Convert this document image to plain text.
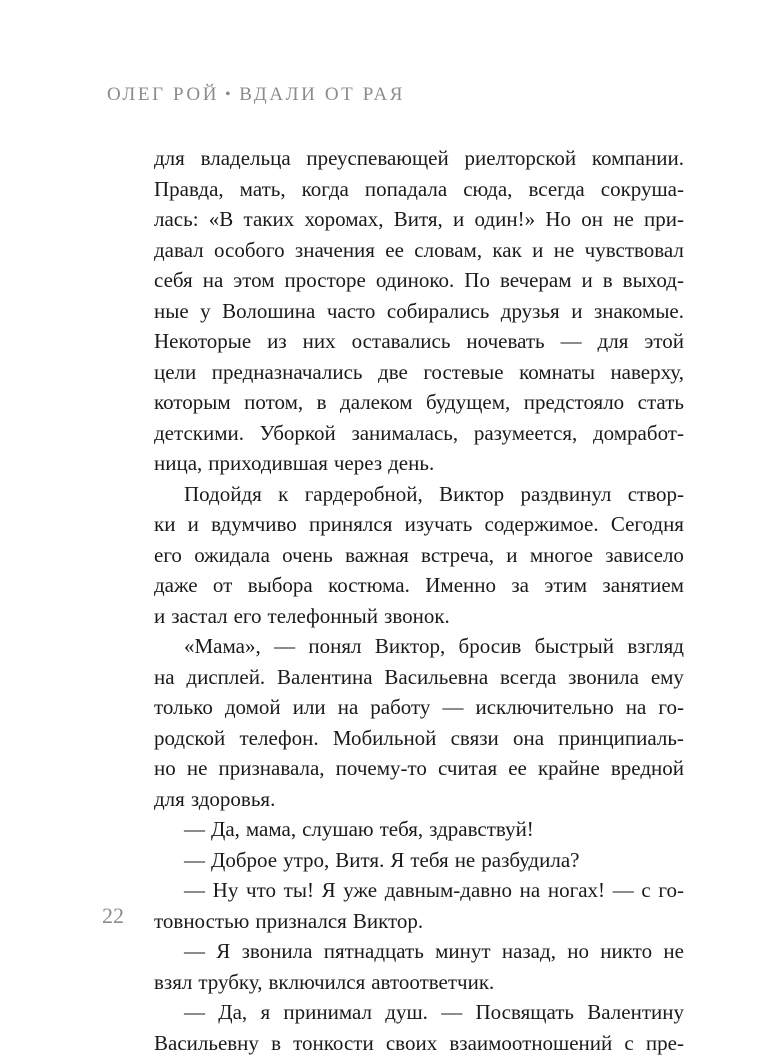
ОЛЕГ РОЙ • ВДАЛИ ОТ РАЯ
для владельца преуспевающей риелторской компании.
Правда, мать, когда попадала сюда, всегда сокруша-
лась: «В таких хоромах, Витя, и один!» Но он не при-
давал особого значения ее словам, как и не чувствовал
себя на этом просторе одиноко. По вечерам и в выход-
ные у Волошина часто собирались друзья и знакомые.
Некоторые из них оставались ночевать — для этой
цели предназначались две гостевые комнаты наверху,
которым потом, в далеком будущем, предстояло стать
детскими. Уборкой занималась, разумеется, домработ-
ница, приходившая через день.
Подойдя к гардеробной, Виктор раздвинул створ-
ки и вдумчиво принялся изучать содержимое. Сегодня
его ожидала очень важная встреча, и многое зависело
даже от выбора костюма. Именно за этим занятием
и застал его телефонный звонок.
«Мама», — понял Виктор, бросив быстрый взгляд
на дисплей. Валентина Васильевна всегда звонила ему
только домой или на работу — исключительно на го-
родской телефон. Мобильной связи она принципиаль-
но не признавала, почему-то считая ее крайне вредной
для здоровья.
— Да, мама, слушаю тебя, здравствуй!
— Доброе утро, Витя. Я тебя не разбудила?
— Ну что ты! Я уже давным-давно на ногах! — с го-
товностью признался Виктор.
— Я звонила пятнадцать минут назад, но никто не
взял трубку, включился автоответчик.
— Да, я принимал душ. — Посвящать Валентину
Васильевну в тонкости своих взаимоотношений с пре-
22
